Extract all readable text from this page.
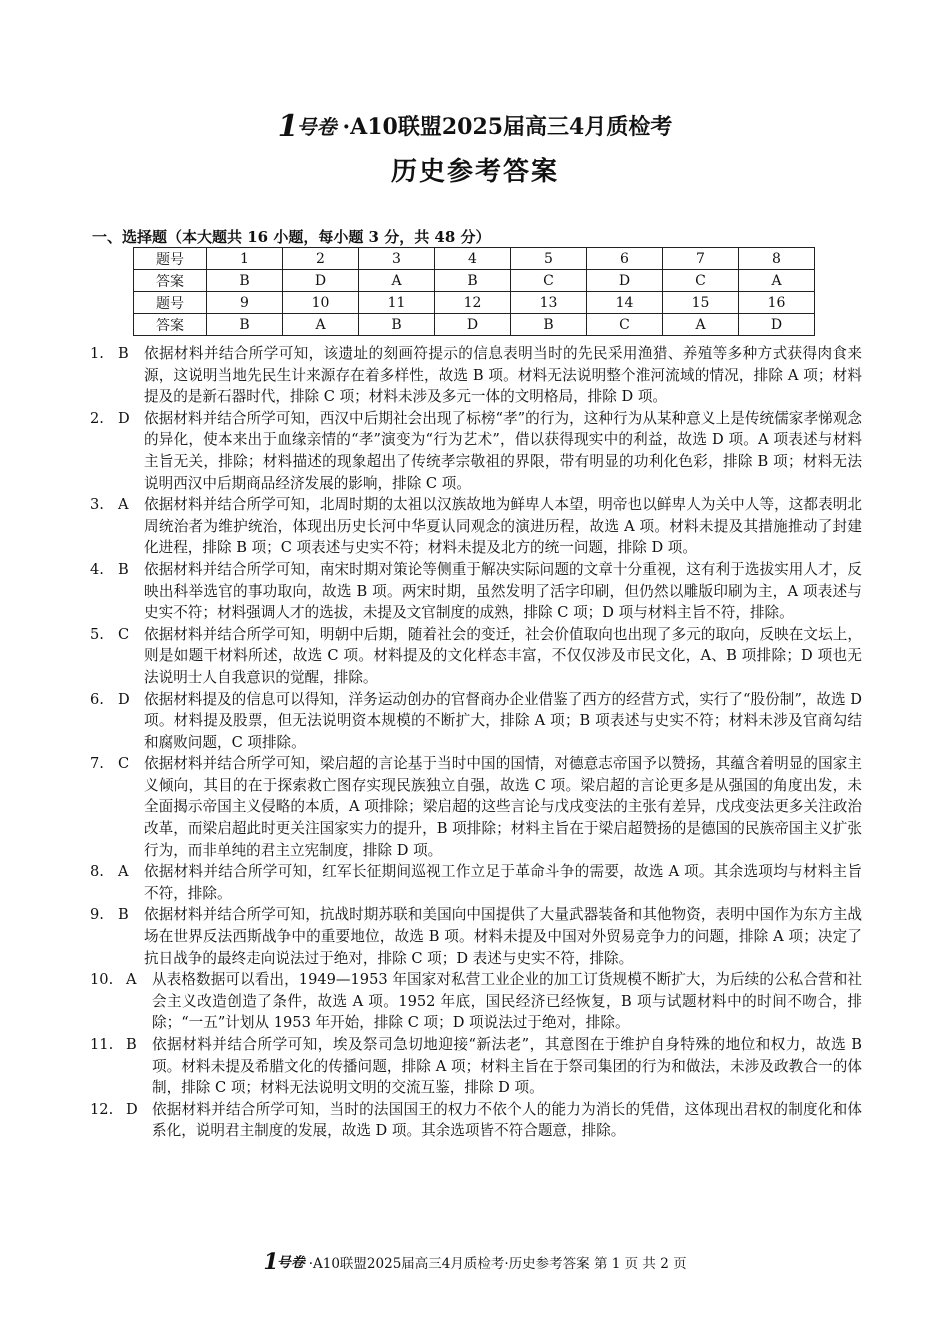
1 号卷 ·A10联盟2025届高三4月质检考
历史参考答案
一、选择题（本大题共 16 小题，每小题 3 分，共 48 分）
题号	1	2	3	4	5	6	7	8
答案	B	D	A	B	C	D	C	A
题号	9	10	11	12	13	14	15	16
答案	B	A	B	D	B	C	A	D
1. B	依据材料并结合所学可知，该遗址的刻画符提示的信息表明当时的先民采用渔猎、养殖等多种方式获得肉食来源，这说明当地先民生计来源存在着多样性，故选 B 项。材料无法说明整个淮河流域的情况，排除 A 项；材料提及的是新石器时代，排除 C 项；材料未涉及多元一体的文明格局，排除 D 项。
2. D 依据材料并结合所学可知，西汉中后期社会出现了标榜“孝”的行为，这种行为从某种意义上是传统儒家孝悌观念的异化，使本来出于血缘亲情的“孝”演变为“行为艺术”，借以获得现实中的利益，故选 D 项。A 项表述与材料主旨无关，排除；材料描述的现象超出了传统孝宗敬祖的界限，带有明显的功利化色彩，排除 B 项；材料无法说明西汉中后期商品经济发展的影响，排除 C 项。
3. A	依据材料并结合所学可知，北周时期的太祖以汉族故地为鲜卑人本望，明帝也以鲜卑人为关中人等，这都表明北周统治者为维护统治，体现出历史长河中华夏认同观念的演进历程，故选 A 项。材料未提及其措施推动了封建化进程，排除 B 项；C 项表述与史实不符；材料未提及北方的统一问题，排除 D 项。
4. B	依据材料并结合所学可知，南宋时期对策论等侧重于解决实际问题的文章十分重视，这有利于选拔实用人才，反映出科举选官的事功取向，故选 B 项。两宋时期，虽然发明了活字印刷，但仍然以雕版印刷为主，A 项表述与史实不符；材料强调人才的选拔，未提及文官制度的成熟，排除 C 项；D 项与材料主旨不符，排除。
5. C	依据材料并结合所学可知，明朝中后期，随着社会的变迁，社会价值取向也出现了多元的取向，反映在文坛上，则是如题干材料所述，故选 C 项。材料提及的文化样态丰富，不仅仅涉及市民文化，A、B 项排除；D 项也无法说明士人自我意识的觉醒，排除。
6. D 依据材料提及的信息可以得知，洋务运动创办的官督商办企业借鉴了西方的经营方式，实行了“股份制”，故选 D 项。材料提及股票，但无法说明资本规模的不断扩大，排除 A 项；B 项表述与史实不符；材料未涉及官商勾结和腐败问题，C 项排除。
7. C	依据材料并结合所学可知，梁启超的言论基于当时中国的国情，对德意志帝国予以赞扬，其蕴含着明显的国家主义倾向，其目的在于探索救亡图存实现民族独立自强，故选 C 项。梁启超的言论更多是从强国的角度出发，未全面揭示帝国主义侵略的本质，A 项排除；梁启超的这些言论与戊戌变法的主张有差异，戊戌变法更多关注政治改革，而梁启超此时更关注国家实力的提升，B 项排除；材料主旨在于梁启超赞扬的是德国的民族帝国主义扩张行为，而非单纯的君主立宪制度，排除 D 项。
8. A	依据材料并结合所学可知，红军长征期间巡视工作立足于革命斗争的需要，故选 A 项。其余选项均与材料主旨不符，排除。
9. B	依据材料并结合所学可知，抗战时期苏联和美国向中国提供了大量武器装备和其他物资，表明中国作为东方主战场在世界反法西斯战争中的重要地位，故选 B 项。材料未提及中国对外贸易竞争力的问题，排除 A 项；决定了抗日战争的最终走向说法过于绝对，排除 C 项；D 表述与史实不符，排除。
10. A	从表格数据可以看出，1949—1953 年国家对私营工业企业的加工订货规模不断扩大，为后续的公私合营和社会主义改造创造了条件，故选 A 项。1952 年底，国民经济已经恢复，B 项与试题材料中的时间不吻合，排除；“一五”计划从 1953 年开始，排除 C 项；D 项说法过于绝对，排除。
11. B	依据材料并结合所学可知，埃及祭司急切地迎接“新法老”，其意图在于维护自身特殊的地位和权力，故选 B 项。材料未提及希腊文化的传播问题，排除 A 项；材料主旨在于祭司集团的行为和做法，未涉及政教合一的体制，排除 C 项；材料无法说明文明的交流互鉴，排除 D 项。
12. D 依据材料并结合所学可知，当时的法国国王的权力不依个人的能力为消长的凭借，这体现出君权的制度化和体系化，说明君主制度的发展，故选 D 项。其余选项皆不符合题意，排除。
1 号卷 ·A10联盟2025届高三4月质检考·历史参考答案 第 1 页 共 2 页
